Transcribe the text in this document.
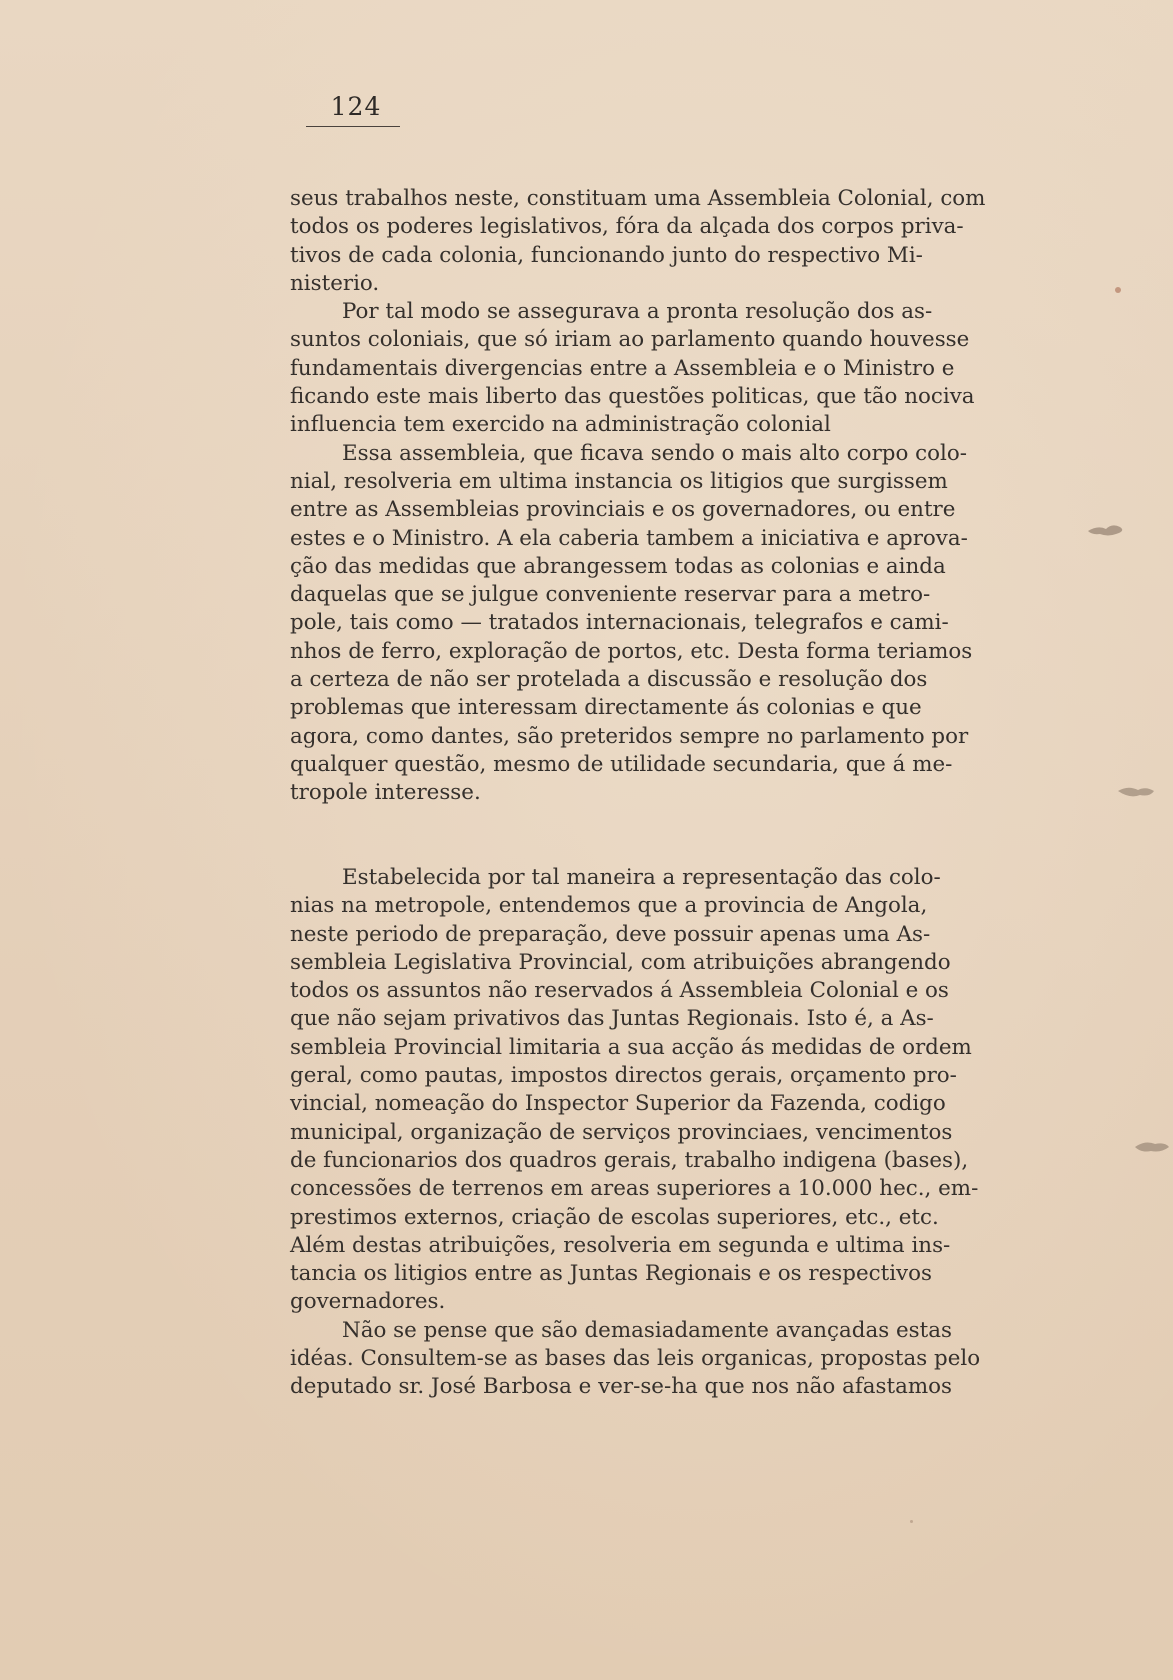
124

seus trabalhos neste, constituam uma Assembleia Colonial, com
todos os poderes legislativos, fóra da alçada dos corpos priva-
tivos de cada colonia, funcionando junto do respectivo Mi-
nisterio.

Por tal modo se assegurava a pronta resolução dos as-
suntos coloniais, que só iriam ao parlamento quando houvesse
fundamentais divergencias entre a Assembleia e o Ministro e
ficando este mais liberto das questões politicas, que tão nociva
influencia tem exercido na administração colonial

Essa assembleia, que ficava sendo o mais alto corpo colo-
nial, resolveria em ultima instancia os litigios que surgissem
entre as Assembleias provinciais e os governadores, ou entre
estes e o Ministro. A ela caberia tambem a iniciativa e aprova-
ção das medidas que abrangessem todas as colonias e ainda
daquelas que se julgue conveniente reservar para a metro-
pole, tais como — tratados internacionais, telegrafos e cami-
nhos de ferro, exploração de portos, etc. Desta forma teriamos
a certeza de não ser protelada a discussão e resolução dos
problemas que interessam directamente ás colonias e que
agora, como dantes, são preteridos sempre no parlamento por
qualquer questão, mesmo de utilidade secundaria, que á me-
tropole interesse.

Estabelecida por tal maneira a representação das colo-
nias na metropole, entendemos que a provincia de Angola,
neste periodo de preparação, deve possuir apenas uma As-
sembleia Legislativa Provincial, com atribuições abrangendo
todos os assuntos não reservados á Assembleia Colonial e os
que não sejam privativos das Juntas Regionais. Isto é, a As-
sembleia Provincial limitaria a sua acção ás medidas de ordem
geral, como pautas, impostos directos gerais, orçamento pro-
vincial, nomeação do Inspector Superior da Fazenda, codigo
municipal, organização de serviços provinciaes, vencimentos
de funcionarios dos quadros gerais, trabalho indigena (bases),
concessões de terrenos em areas superiores a 10.000 hec., em-
prestimos externos, criação de escolas superiores, etc., etc.
Além destas atribuições, resolveria em segunda e ultima ins-
tancia os litigios entre as Juntas Regionais e os respectivos
governadores.

Não se pense que são demasiadamente avançadas estas
idéas. Consultem-se as bases das leis organicas, propostas pelo
deputado sr. José Barbosa e ver-se-ha que nos não afastamos
